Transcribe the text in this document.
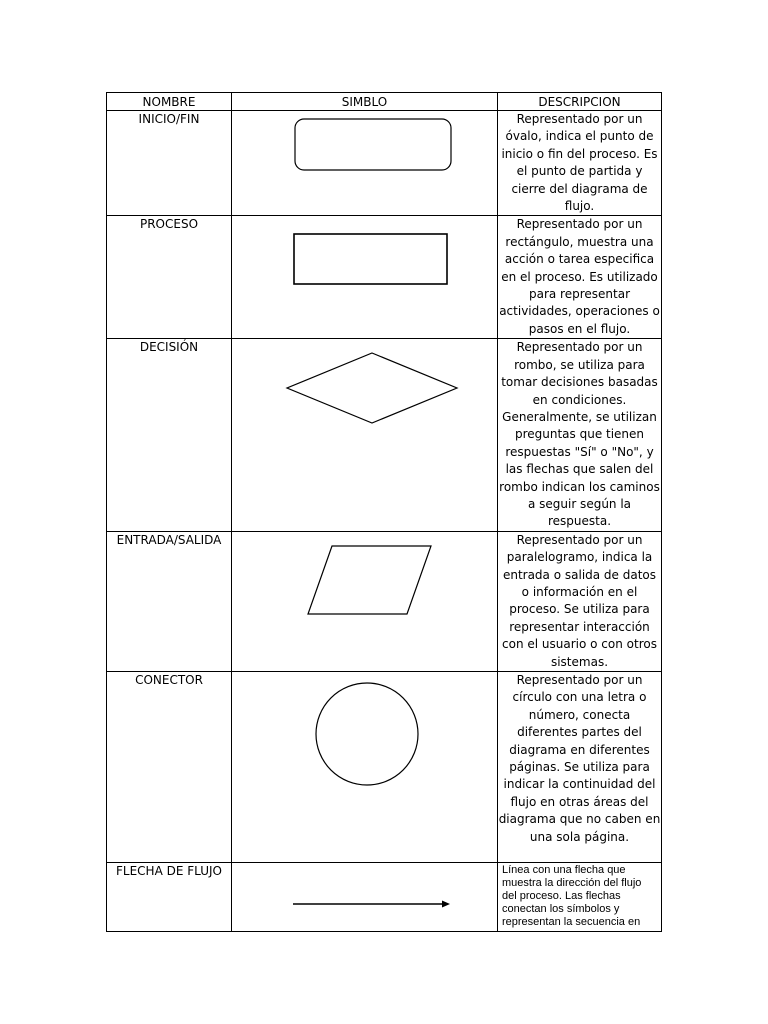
NOMBRE	SIMBLO	DESCRIPCION
INICIO/FIN		Representado por un óvalo, indica el punto de inicio o fin del proceso. Es el punto de partida y cierre del diagrama de flujo.
PROCESO		Representado por un rectángulo, muestra una acción o tarea especifica en el proceso. Es utilizado para representar actividades, operaciones o pasos en el flujo.
DECISIÓN		Representado por un rombo, se utiliza para tomar decisiones basadas en condiciones. Generalmente, se utilizan preguntas que tienen respuestas "Sí" o "No", y las flechas que salen del rombo indican los caminos a seguir según la respuesta.
ENTRADA/SALIDA		Representado por un paralelogramo, indica la entrada o salida de datos o información en el proceso. Se utiliza para representar interacción con el usuario o con otros sistemas.
CONECTOR		Representado por un círculo con una letra o número, conecta diferentes partes del diagrama en diferentes páginas. Se utiliza para indicar la continuidad del flujo en otras áreas del diagrama que no caben en una sola página.
FLECHA DE FLUJO		Línea con una flecha que muestra la dirección del flujo del proceso. Las flechas conectan los símbolos y representan la secuencia en
